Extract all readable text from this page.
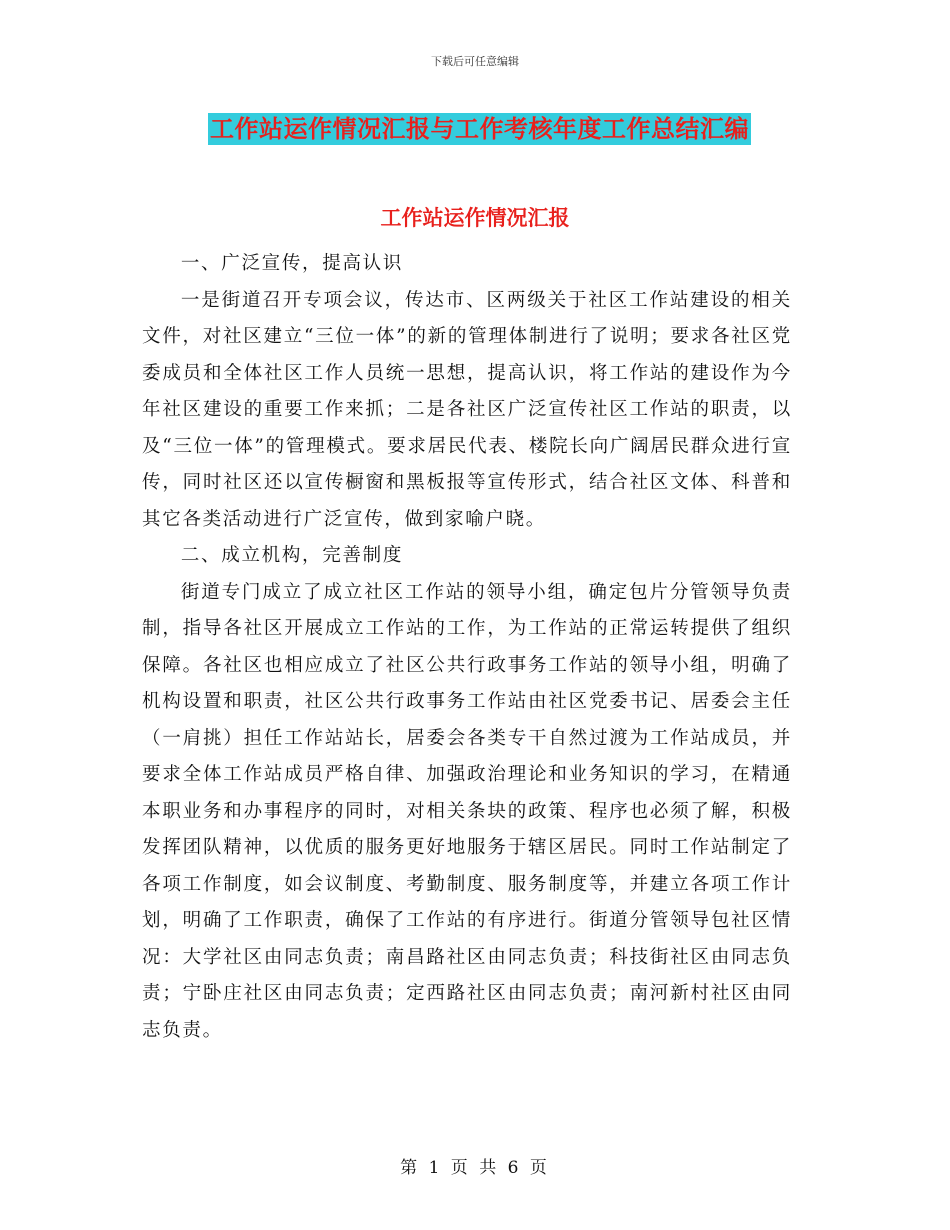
下载后可任意编辑
工作站运作情况汇报与工作考核年度工作总结汇编
工作站运作情况汇报

一、广泛宣传，提高认识

一是街道召开专项会议，传达市、区两级关于社区工作站建设的相关文件，对社区建立“三位一体”的新的管理体制进行了说明；要求各社区党委成员和全体社区工作人员统一思想，提高认识，将工作站的建设作为今年社区建设的重要工作来抓；二是各社区广泛宣传社区工作站的职责，以及“三位一体”的管理模式。要求居民代表、楼院长向广阔居民群众进行宣传，同时社区还以宣传橱窗和黑板报等宣传形式，结合社区文体、科普和其它各类活动进行广泛宣传，做到家喻户晓。

二、成立机构，完善制度

街道专门成立了成立社区工作站的领导小组，确定包片分管领导负责制，指导各社区开展成立工作站的工作，为工作站的正常运转提供了组织保障。各社区也相应成立了社区公共行政事务工作站的领导小组，明确了机构设置和职责，社区公共行政事务工作站由社区党委书记、居委会主任（一肩挑）担任工作站站长，居委会各类专干自然过渡为工作站成员，并要求全体工作站成员严格自律、加强政治理论和业务知识的学习，在精通本职业务和办事程序的同时，对相关条块的政策、程序也必须了解，积极发挥团队精神，以优质的服务更好地服务于辖区居民。同时工作站制定了各项工作制度，如会议制度、考勤制度、服务制度等，并建立各项工作计划，明确了工作职责，确保了工作站的有序进行。街道分管领导包社区情况：大学社区由同志负责；南昌路社区由同志负责；科技街社区由同志负责；宁卧庄社区由同志负责；定西路社区由同志负责；南河新村社区由同志负责。

第 1 页 共 6 页
